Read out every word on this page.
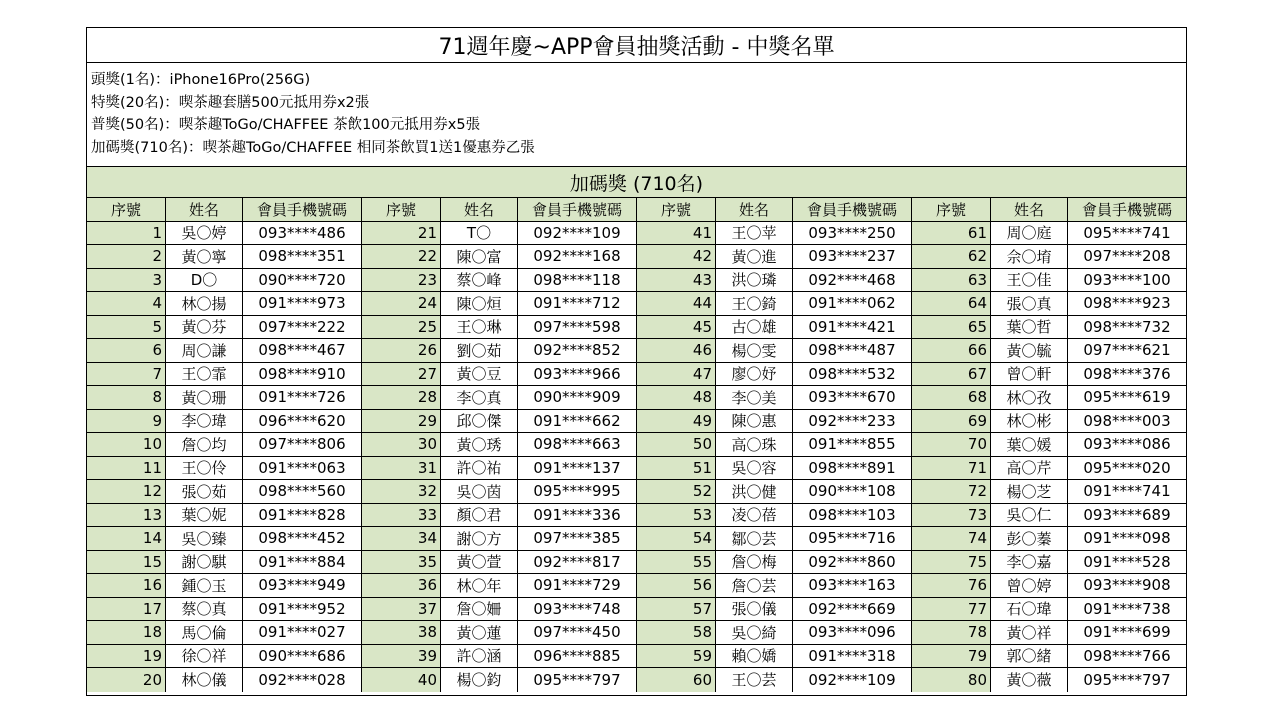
71週年慶~APP會員抽獎活動 - 中獎名單
頭獎(1名)：iPhone16Pro(256G)
特獎(20名)：喫茶趣套膳500元抵用券x2張
普獎(50名)：喫茶趣ToGo/CHAFFEE 茶飲100元抵用券x5張
加碼獎(710名)：喫茶趣ToGo/CHAFFEE 相同茶飲買1送1優惠券乙張
加碼獎 (710名)
序號	姓名	會員手機號碼
1	吳〇婷	093****486
2	黃〇寧	098****351
3	D〇	090****720
4	林〇揚	091****973
5	黃〇芬	097****222
6	周〇謙	098****467
7	王〇霏	098****910
8	黃〇珊	091****726
9	李〇瑋	096****620
10	詹〇均	097****806
11	王〇伶	091****063
12	張〇茹	098****560
13	葉〇妮	091****828
14	吳〇臻	098****452
15	謝〇騏	091****884
16	鍾〇玉	093****949
17	蔡〇真	091****952
18	馬〇倫	091****027
19	徐〇祥	090****686
20	林〇儀	092****028
序號	姓名	會員手機號碼
21	T〇	092****109
22	陳〇富	092****168
23	蔡〇峰	098****118
24	陳〇烜	091****712
25	王〇琳	097****598
26	劉〇茹	092****852
27	黃〇豆	093****966
28	李〇真	090****909
29	邱〇傑	091****662
30	黃〇琇	098****663
31	許〇祐	091****137
32	吳〇茵	095****995
33	顏〇君	091****336
34	謝〇方	097****385
35	黃〇萱	092****817
36	林〇年	091****729
37	詹〇姍	093****748
38	黃〇蓮	097****450
39	許〇涵	096****885
40	楊〇鈞	095****797
序號	姓名	會員手機號碼
41	王〇苹	093****250
42	黃〇進	093****237
43	洪〇璘	092****468
44	王〇錡	091****062
45	古〇雄	091****421
46	楊〇雯	098****487
47	廖〇妤	098****532
48	李〇美	093****670
49	陳〇惠	092****233
50	高〇珠	091****855
51	吳〇容	098****891
52	洪〇健	090****108
53	凌〇蓓	098****103
54	鄒〇芸	095****716
55	詹〇梅	092****860
56	詹〇芸	093****163
57	張〇儀	092****669
58	吳〇綺	093****096
59	賴〇嬌	091****318
60	王〇芸	092****109
序號	姓名	會員手機號碼
61	周〇庭	095****741
62	佘〇堉	097****208
63	王〇佳	093****100
64	張〇真	098****923
65	葉〇哲	098****732
66	黃〇毓	097****621
67	曾〇軒	098****376
68	林〇孜	095****619
69	林〇彬	098****003
70	葉〇媛	093****086
71	高〇芹	095****020
72	楊〇芝	091****741
73	吳〇仁	093****689
74	彭〇蓁	091****098
75	李〇嘉	091****528
76	曾〇婷	093****908
77	石〇瑋	091****738
78	黃〇祥	091****699
79	郭〇緒	098****766
80	黃〇薇	095****797
